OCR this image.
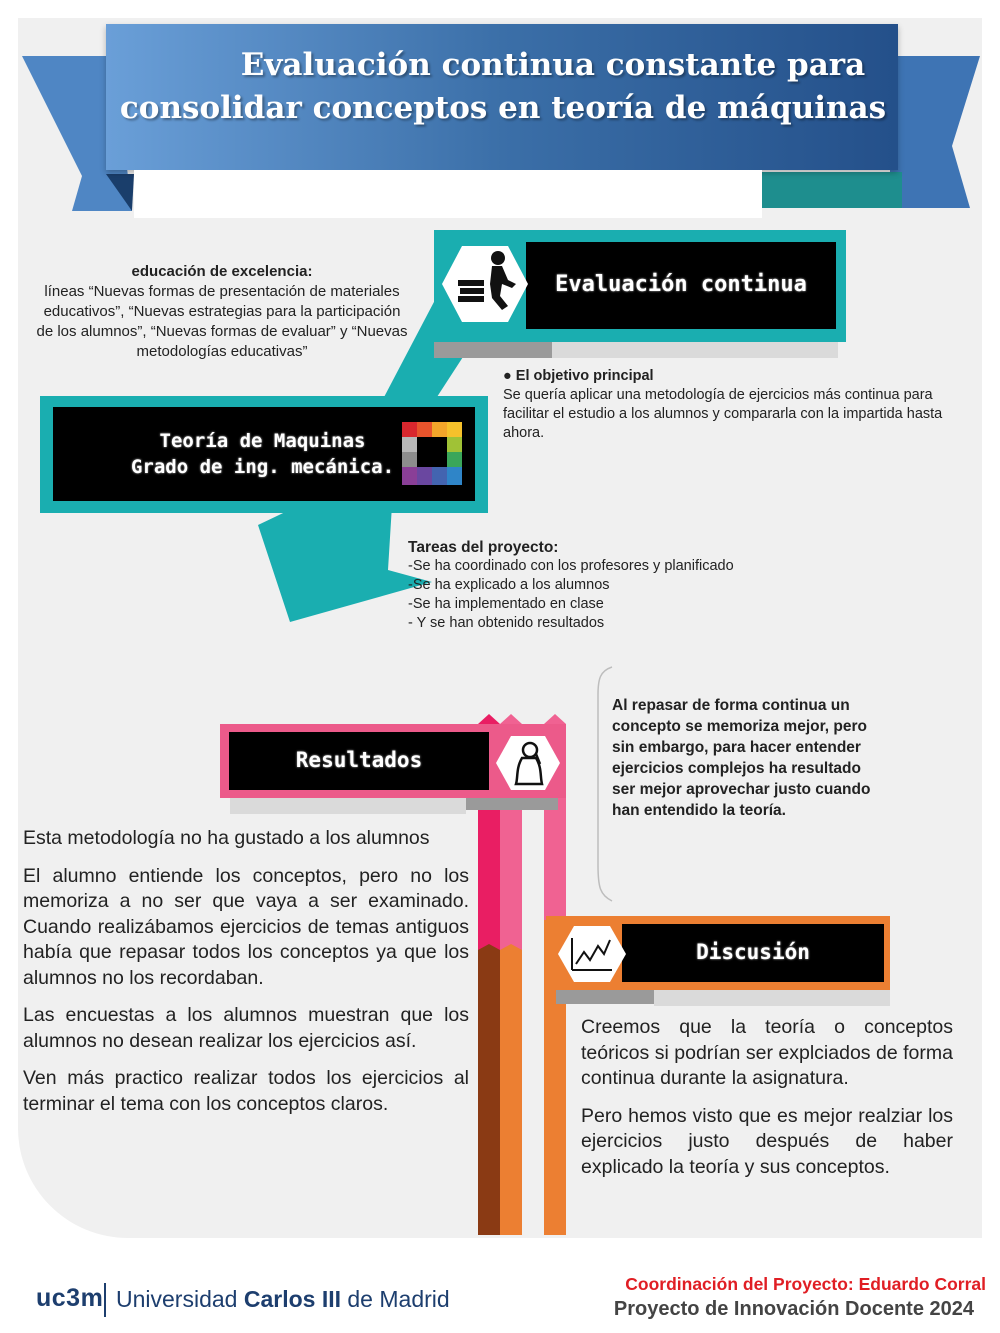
Evaluación continua constante para
consolidar conceptos en teoría de máquinas
Evaluación continua
educación de excelencia:
líneas “Nuevas formas de presentación de materiales educativos”, “Nuevas estrategias para la participación de los alumnos”, “Nuevas formas de evaluar” y “Nuevas metodologías educativas”
● El objetivo principal
Se quería aplicar una metodología de ejercicios más continua para facilitar el estudio a los alumnos y compararla con la impartida hasta ahora.
Teoría de Maquinas
Grado de ing. mecánica.
Tareas del proyecto:
-Se ha coordinado con los profesores y planificado
-Se ha explicado a los alumnos
-Se ha implementado en clase
- Y se han obtenido resultados
Resultados
Al repasar de forma continua un concepto se memoriza mejor, pero sin embargo, para hacer entender ejercicios complejos ha resultado ser mejor aprovechar justo cuando han entendido la teoría.
Esta metodología no ha gustado a los alumnos
El alumno entiende los conceptos, pero no los memoriza a no ser que vaya a ser examinado. Cuando realizábamos ejercicios de temas antiguos había que repasar todos los conceptos ya que los alumnos no los recordaban.
Las encuestas a los alumnos muestran que los alumnos no desean realizar los ejercicios así.
Ven más practico realizar todos los ejercicios al terminar el tema con los conceptos claros.
Discusión
Creemos que la teoría o conceptos teóricos si podrían ser explciados de forma continua durante la asignatura.
Pero hemos visto que es mejor realziar los ejercicios justo después de haber explicado la teoría y sus conceptos.
uc3m Universidad Carlos III de Madrid
Coordinación del Proyecto: Eduardo Corral
Proyecto de Innovación Docente 2024
